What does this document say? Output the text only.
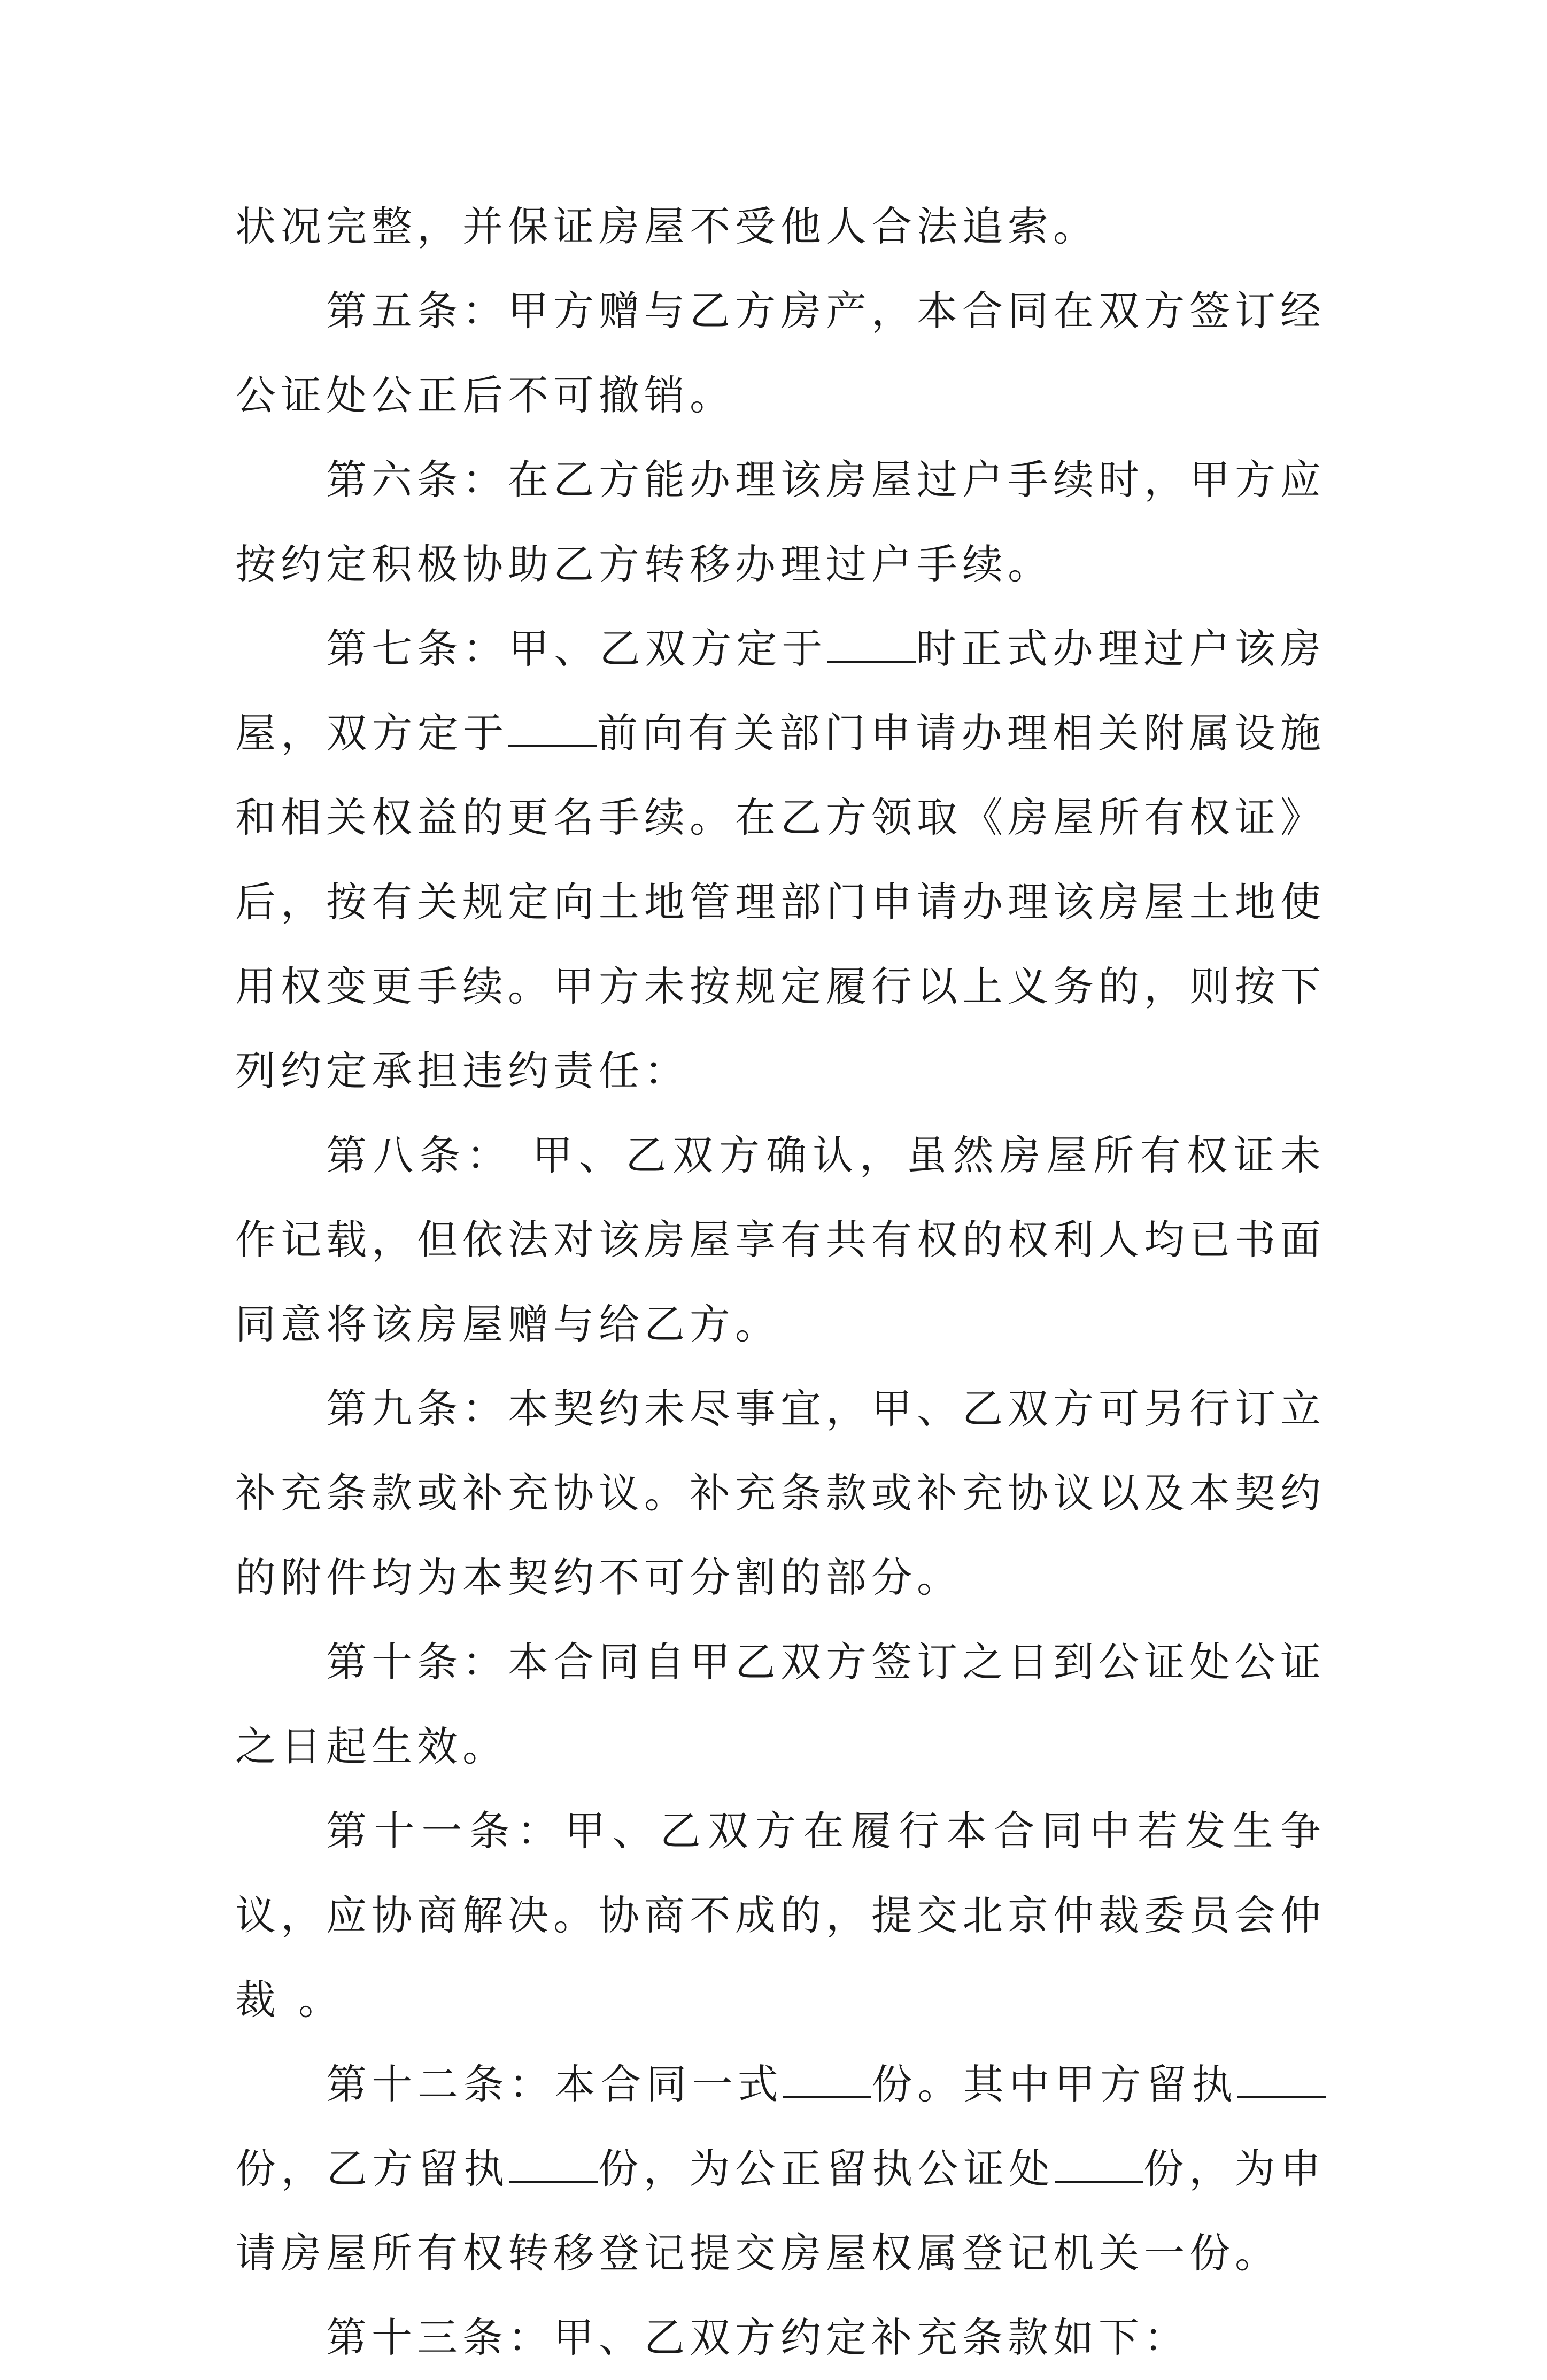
状况完整，并保证房屋不受他人合法追索。

第五条：甲方赠与乙方房产，本合同在双方签订经公证处公正后不可撤销。

第六条：在乙方能办理该房屋过户手续时，甲方应按约定积极协助乙方转移办理过户手续。

第七条：甲、乙双方定于 时正式办理过户该房屋，双方定于 前向有关部门申请办理相关附属设施和相关权益的更名手续。在乙方领取《房屋所有权证》后，按有关规定向土地管理部门申请办理该房屋土地使用权变更手续。甲方未按规定履行以上义务的，则按下列约定承担违约责任：

第八条： 甲、乙双方确认，虽然房屋所有权证未作记载，但依法对该房屋享有共有权的权利人均已书面同意将该房屋赠与给乙方。

第九条：本契约未尽事宜，甲、乙双方可另行订立补充条款或补充协议。补充条款或补充协议以及本契约的附件均为本契约不可分割的部分。

第十条：本合同自甲乙双方签订之日到公证处公证之日起生效。

第十一条：甲、乙双方在履行本合同中若发生争议，应协商解决。协商不成的，提交北京仲裁委员会仲裁 。

第十二条：本合同一式 份。其中甲方留执份，乙方留执 份，为公正留执公证处 份，为申请房屋所有权转移登记提交房屋权属登记机关一份。

第十三条：甲、乙双方约定补充条款如下：
